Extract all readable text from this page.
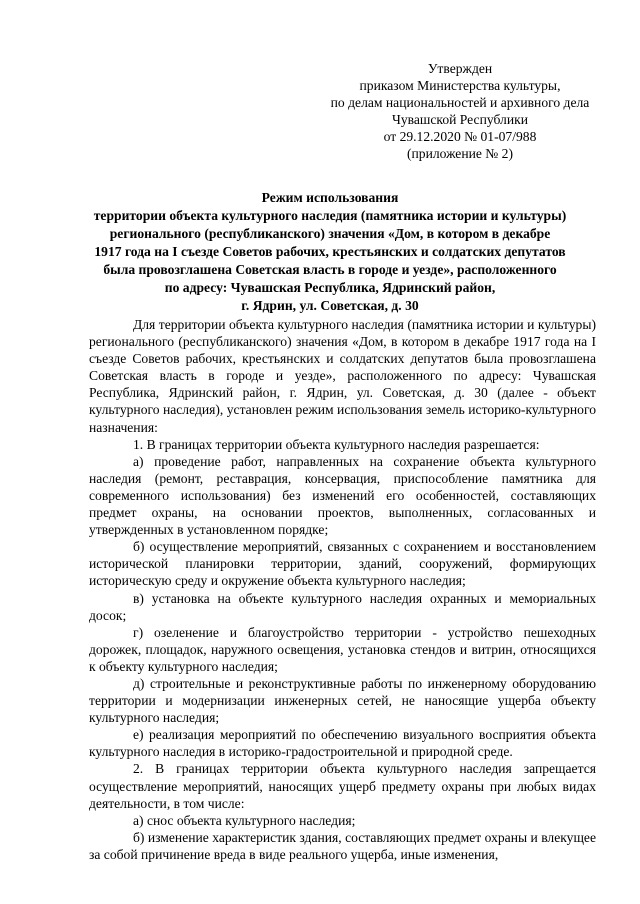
Утвержден
приказом Министерства культуры,
по делам национальностей и архивного дела
Чувашской Республики
от 29.12.2020 № 01-07/988
(приложение № 2)
Режим использования
территории объекта культурного наследия (памятника истории и культуры)
регионального (республиканского) значения «Дом, в котором в декабре
1917 года на I съезде Советов рабочих, крестьянских и солдатских депутатов
была провозглашена Советская власть в городе и уезде», расположенного
по адресу: Чувашская Республика, Ядринский район,
г. Ядрин, ул. Советская, д. 30

Для территории объекта культурного наследия (памятника истории и культуры) регионального (республиканского) значения «Дом, в котором в декабре 1917 года на I съезде Советов рабочих, крестьянских и солдатских депутатов была провозглашена Советская власть в городе и уезде», расположенного по адресу: Чувашская Республика, Ядринский район, г. Ядрин, ул. Советская, д. 30 (далее - объект культурного наследия), установлен режим использования земель историко-культурного назначения:

1. В границах территории объекта культурного наследия разрешается:

а) проведение работ, направленных на сохранение объекта культурного наследия (ремонт, реставрация, консервация, приспособление памятника для современного использования) без изменений его особенностей, составляющих предмет охраны, на основании проектов, выполненных, согласованных и утвержденных в установленном порядке;

б) осуществление мероприятий, связанных с сохранением и восстановлением исторической планировки территории, зданий, сооружений, формирующих историческую среду и окружение объекта культурного наследия;

в) установка на объекте культурного наследия охранных и мемориальных досок;

г) озеленение и благоустройство территории - устройство пешеходных дорожек, площадок, наружного освещения, установка стендов и витрин, относящихся к объекту культурного наследия;

д) строительные и реконструктивные работы по инженерному оборудованию территории и модернизации инженерных сетей, не наносящие ущерба объекту культурного наследия;

е) реализация мероприятий по обеспечению визуального восприятия объекта культурного наследия в историко-градостроительной и природной среде.

2. В границах территории объекта культурного наследия запрещается осуществление мероприятий, наносящих ущерб предмету охраны при любых видах деятельности, в том числе:

а) снос объекта культурного наследия;

б) изменение характеристик здания, составляющих предмет охраны и влекущее за собой причинение вреда в виде реального ущерба, иные изменения,
